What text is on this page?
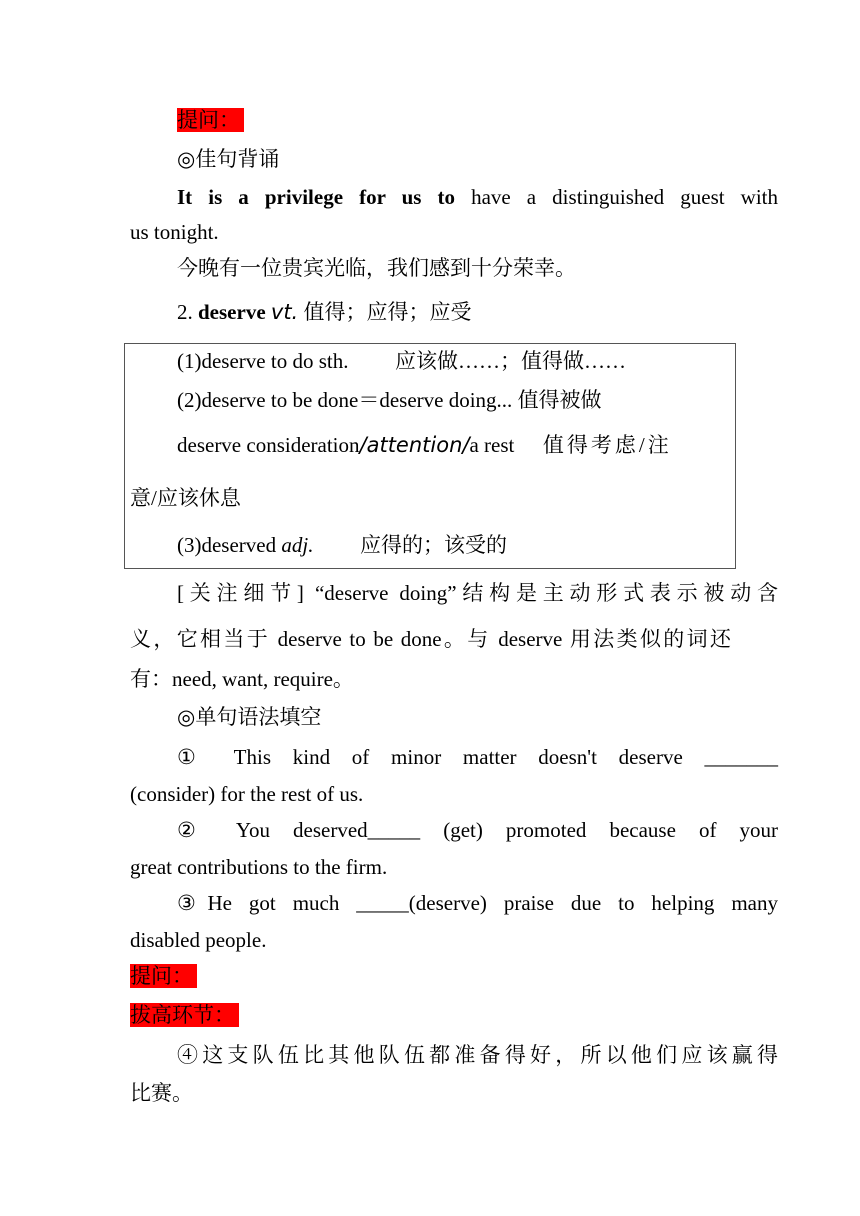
提问：
◎佳句背诵
It is a privilege for us to have a distinguished guest with
us tonight.
今晚有一位贵宾光临，我们感到十分荣幸。
2. deserve vt. 值得；应得；应受
(1)deserve to do sth. 应该做……；值得做……
(2)deserve to be done＝deserve doing... 值得被做
deserve consideration/attention/a rest 值得考虑/注
意/应该休息
(3)deserved adj. 应得的；该受的
[关注细节] “deserve doing”结构是主动形式表示被动含
义，它相当于 deserve to be done。与 deserve 用法类似的词还
有：need, want, require。
◎单句语法填空
① This kind of minor matter doesn't deserve _______
(consider) for the rest of us.
② You deserved_____ (get) promoted because of your
great contributions to the firm.
③He got much _____(deserve) praise due to helping many
disabled people.
提问：
拔高环节：
④这支队伍比其他队伍都准备得好，所以他们应该赢得
比赛。
